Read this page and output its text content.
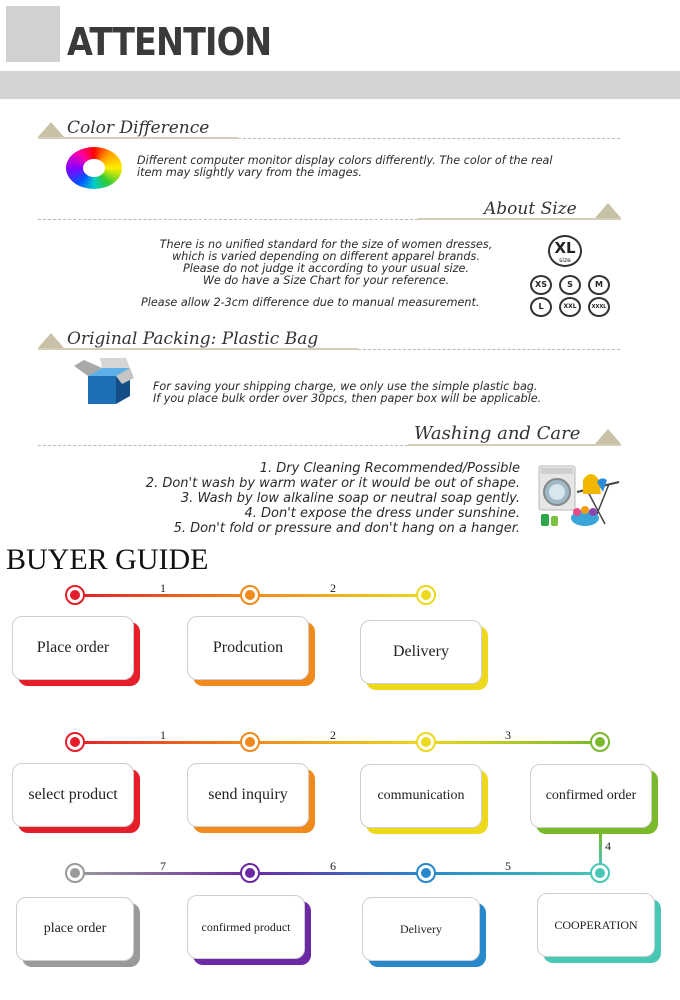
ATTENTION
Color Difference
Different computer monitor display colors differently. The color of the real
item may slightly vary from the images.
About Size
There is no unified standard for the size of women dresses,
which is varied depending on different apparel brands.
Please do not judge it according to your usual size.
We do have a Size Chart for your reference.
Please allow 2-3cm difference due to manual measurement.
XL
size
XS	S	M
L	XXL	XXXL
Original Packing: Plastic Bag
For saving your shipping charge, we only use the simple plastic bag.
If you place bulk order over 30pcs, then paper box will be applicable.
Washing and Care
1. Dry Cleaning Recommended/Possible
2. Don't wash by warm water or it would be out of shape.
3. Wash by low alkaline soap or neutral soap gently.
4. Don't expose the dress under sunshine.
5. Don't fold or pressure and don't hang on a hanger.
BUYER GUIDE
1	2
Place order	Prodcution	Delivery
1	2	3
select product	send inquiry	communication	confirmed order
4
7	6	5
place order	confirmed product	Delivery	COOPERATION
